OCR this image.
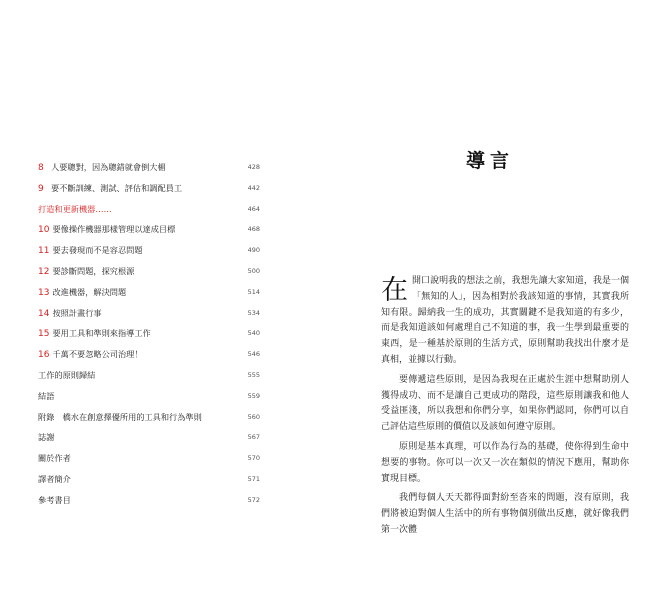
8 人要聰對，因為聰錯就會倒大楣	428
9 要不斷訓練、測試、評估和調配員工	442
打造和更新機器……	464
10 要像操作機器那樣管理以達成目標	468
11 要去發現而不是容忍問題	490
12 要診斷問題，探究根源	500
13 改進機器，解決問題	514
14 按照計畫行事	534
15 要用工具和準則來指導工作	540
16 千萬不要忽略公司治理！	546
工作的原則歸結	555
結語	559
附錄　橋水在創意擇優所用的工具和行為準則	560
誌謝	567
關於作者	570
譯者簡介	571
參考書目	572
導言

在開口說明我的想法之前，我想先讓大家知道，我是一個「無知的人」，因為相對於我該知道的事情，其實我所知有限。歸納我一生的成功，其實關鍵不是我知道的有多少，而是我知道該如何處理自己不知道的事，我一生學到最重要的東西，是一種基於原則的生活方式，原則幫助我找出什麼才是真相，並據以行動。

要傳遞這些原則，是因為我現在正處於生涯中想幫助別人獲得成功、而不是讓自己更成功的階段，這些原則讓我和他人受益匪淺，所以我想和你們分享，如果你們認同，你們可以自己評估這些原則的價值以及該如何遵守原則。

原則是基本真理，可以作為行為的基礎，使你得到生命中想要的事物。你可以一次又一次在類似的情況下應用，幫助你實現目標。

我們每個人天天都得面對紛至沓來的問題，沒有原則，我們將被迫對個人生活中的所有事物個別做出反應，就好像我們第一次體
